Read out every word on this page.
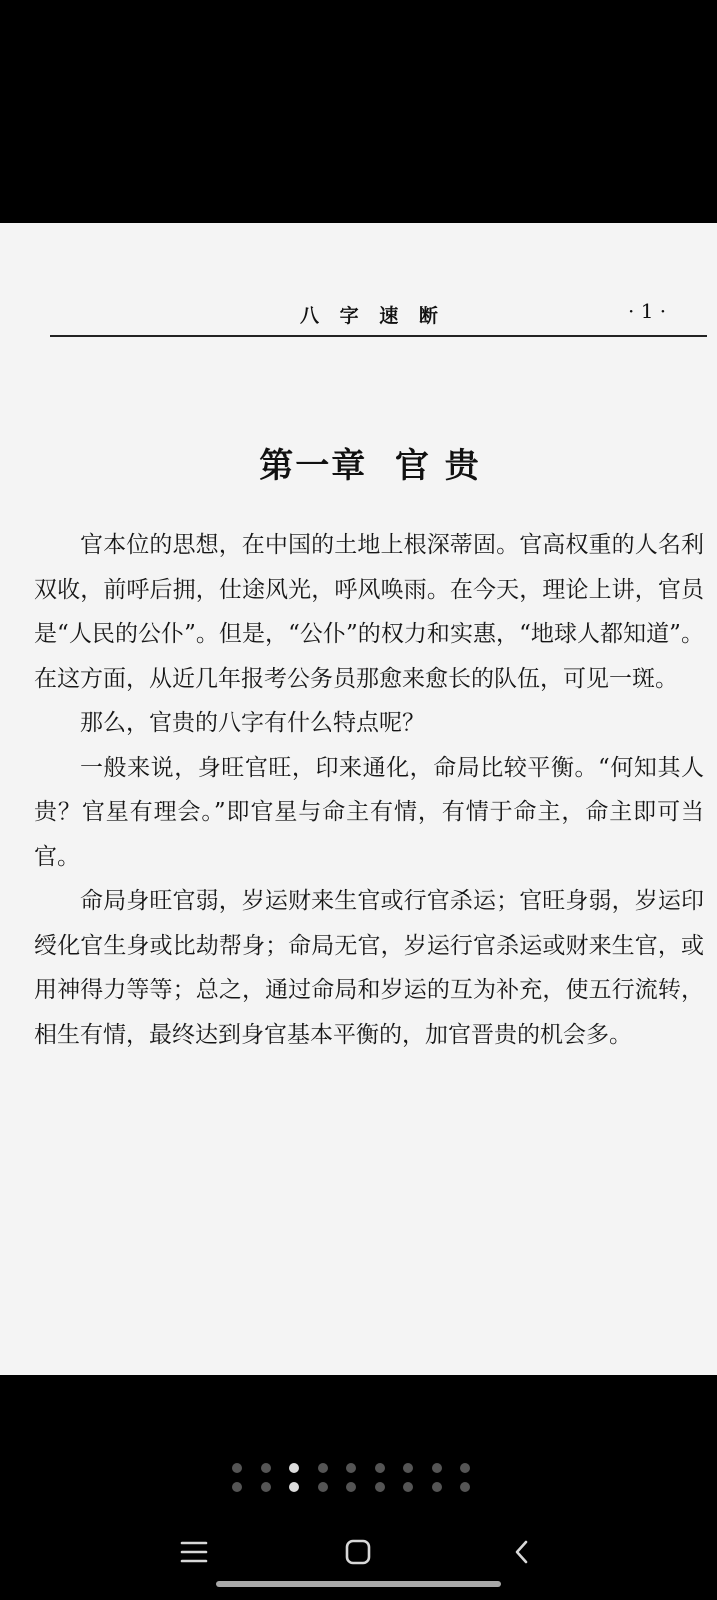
八 字 速 断	· 1 ·
第一章  官 贵

官本位的思想，在中国的土地上根深蒂固。官高权重的人名利双收，前呼后拥，仕途风光，呼风唤雨。在今天，理论上讲，官员是“人民的公仆”。但是，“公仆”的权力和实惠，“地球人都知道”。在这方面，从近几年报考公务员那愈来愈长的队伍，可见一斑。

那么，官贵的八字有什么特点呢？

一般来说，身旺官旺，印来通化，命局比较平衡。“何知其人贵？官星有理会。”即官星与命主有情，有情于命主，命主即可当官。

命局身旺官弱，岁运财来生官或行官杀运；官旺身弱，岁运印绶化官生身或比劫帮身；命局无官，岁运行官杀运或财来生官，或用神得力等等；总之，通过命局和岁运的互为补充，使五行流转，相生有情，最终达到身官基本平衡的，加官晋贵的机会多。
